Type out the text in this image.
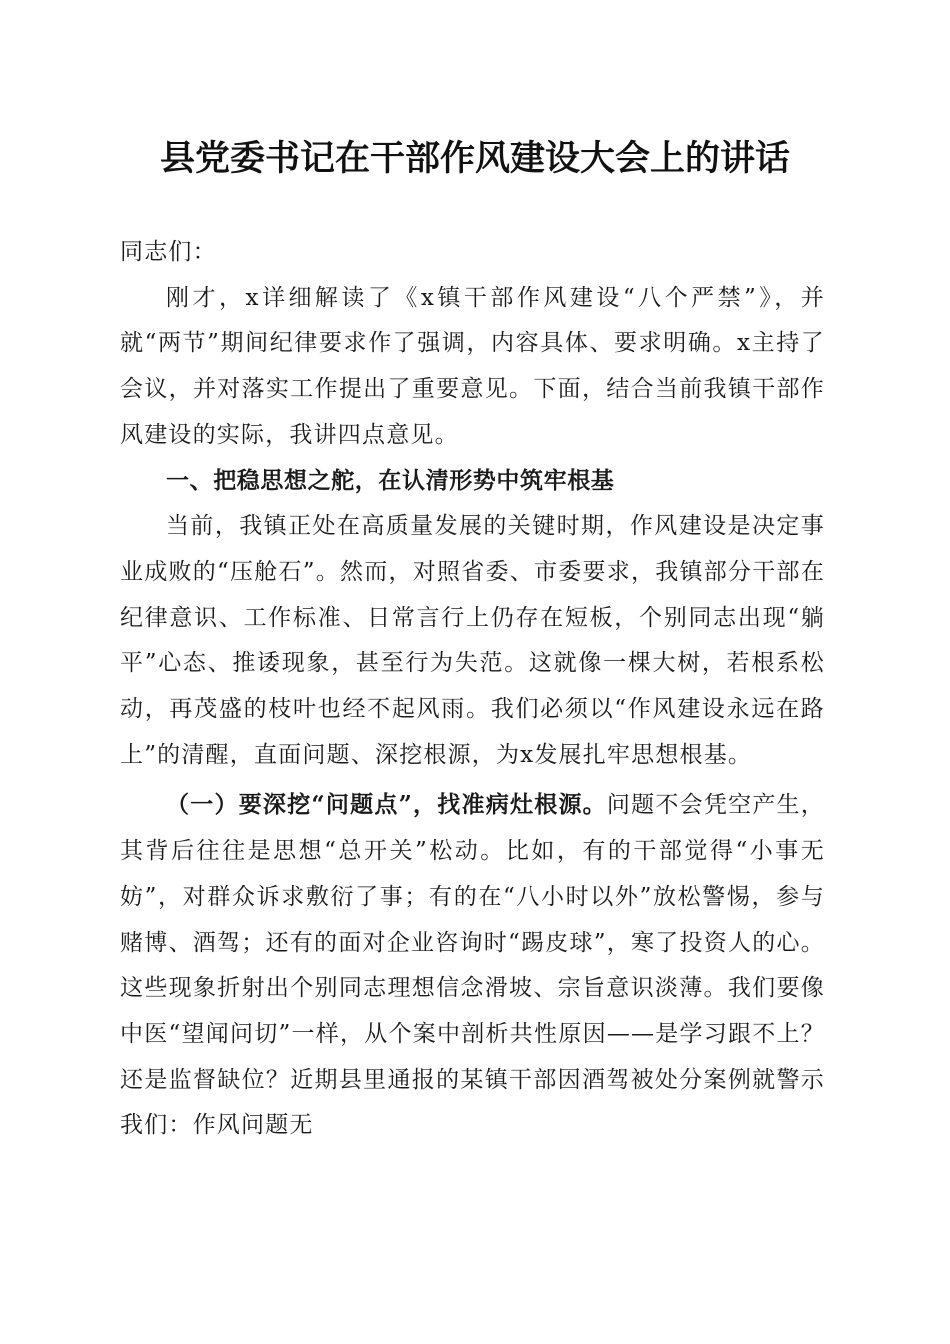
县党委书记在干部作风建设大会上的讲话

同志们：

刚才，x详细解读了《x镇干部作风建设“八个严禁”》，并就“两节”期间纪律要求作了强调，内容具体、要求明确。x主持了会议，并对落实工作提出了重要意见。下面，结合当前我镇干部作风建设的实际，我讲四点意见。

一、把稳思想之舵，在认清形势中筑牢根基

当前，我镇正处在高质量发展的关键时期，作风建设是决定事业成败的“压舱石”。然而，对照省委、市委要求，我镇部分干部在纪律意识、工作标准、日常言行上仍存在短板，个别同志出现“躺平”心态、推诿现象，甚至行为失范。这就像一棵大树，若根系松动，再茂盛的枝叶也经不起风雨。我们必须以“作风建设永远在路上”的清醒，直面问题、深挖根源，为x发展扎牢思想根基。

（一）要深挖“问题点”，找准病灶根源。问题不会凭空产生，其背后往往是思想“总开关”松动。比如，有的干部觉得“小事无妨”，对群众诉求敷衍了事；有的在“八小时以外”放松警惕，参与赌博、酒驾；还有的面对企业咨询时“踢皮球”，寒了投资人的心。这些现象折射出个别同志理想信念滑坡、宗旨意识淡薄。我们要像中医“望闻问切”一样，从个案中剖析共性原因——是学习跟不上？还是监督缺位？近期县里通报的某镇干部因酒驾被处分案例就警示我们：作风问题无
